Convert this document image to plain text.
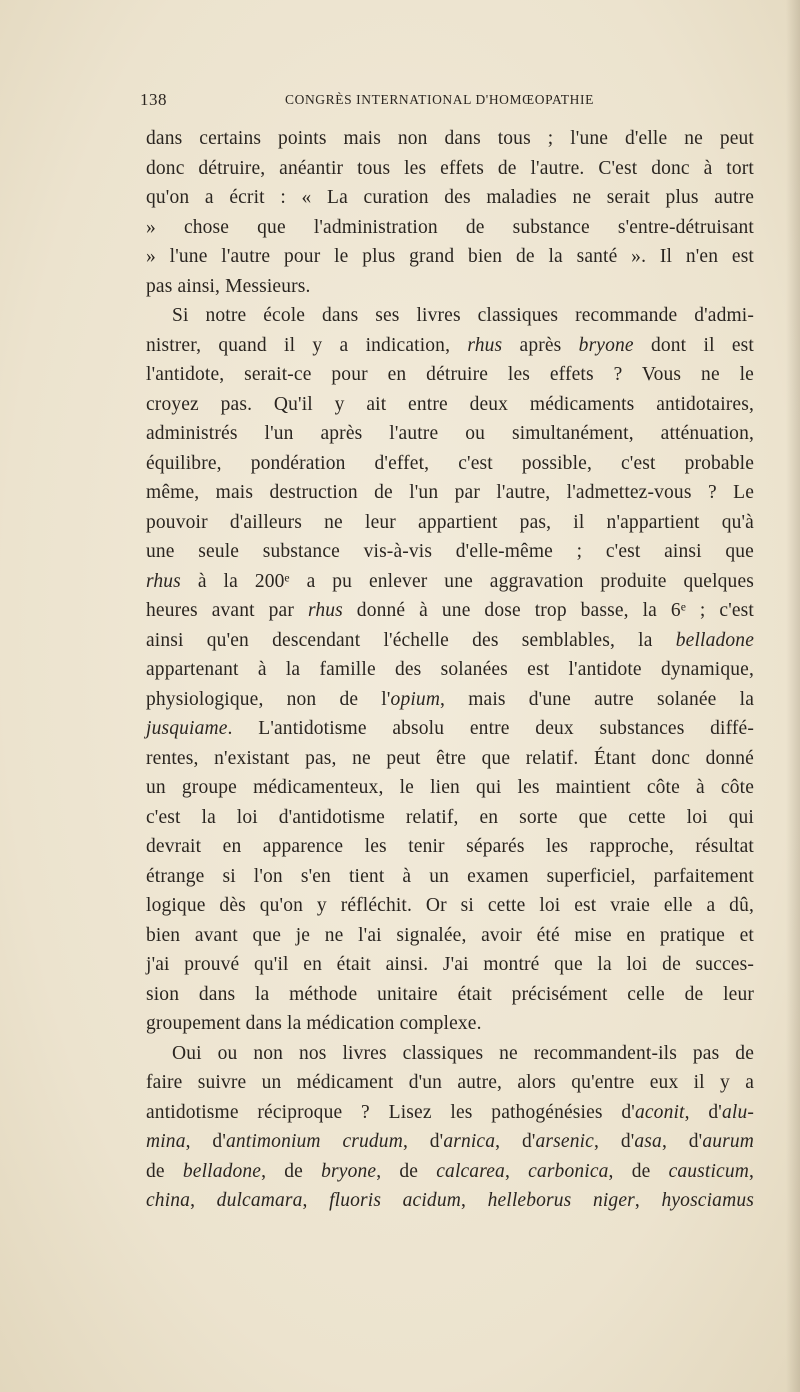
138	CONGRÈS INTERNATIONAL D'HOMŒOPATHIE
dans certains points mais non dans tous ; l'une d'elle ne peut
donc détruire, anéantir tous les effets de l'autre. C'est donc à tort
qu'on a écrit : « La curation des maladies ne serait plus autre
» chose que l'administration de substance s'entre-détruisant
» l'une l'autre pour le plus grand bien de la santé ». Il n'en est
pas ainsi, Messieurs.
Si notre école dans ses livres classiques recommande d'admi-
nistrer, quand il y a indication, rhus après bryone dont il est
l'antidote, serait-ce pour en détruire les effets ? Vous ne le
croyez pas. Qu'il y ait entre deux médicaments antidotaires,
administrés l'un après l'autre ou simultanément, atténuation,
équilibre, pondération d'effet, c'est possible, c'est probable
même, mais destruction de l'un par l'autre, l'admettez-vous ? Le
pouvoir d'ailleurs ne leur appartient pas, il n'appartient qu'à
une seule substance vis-à-vis d'elle-même ; c'est ainsi que
rhus à la 200ᵉ a pu enlever une aggravation produite quelques
heures avant par rhus donné à une dose trop basse, la 6ᵉ ; c'est
ainsi qu'en descendant l'échelle des semblables, la belladone
appartenant à la famille des solanées est l'antidote dynamique,
physiologique, non de l'opium, mais d'une autre solanée la
jusquiame. L'antidotisme absolu entre deux substances diffé-
rentes, n'existant pas, ne peut être que relatif. Étant donc donné
un groupe médicamenteux, le lien qui les maintient côte à côte
c'est la loi d'antidotisme relatif, en sorte que cette loi qui
devrait en apparence les tenir séparés les rapproche, résultat
étrange si l'on s'en tient à un examen superficiel, parfaitement
logique dès qu'on y réfléchit. Or si cette loi est vraie elle a dû,
bien avant que je ne l'ai signalée, avoir été mise en pratique et
j'ai prouvé qu'il en était ainsi. J'ai montré que la loi de succes-
sion dans la méthode unitaire était précisément celle de leur
groupement dans la médication complexe.
Oui ou non nos livres classiques ne recommandent-ils pas de
faire suivre un médicament d'un autre, alors qu'entre eux il y a
antidotisme réciproque ? Lisez les pathogénésies d'aconit, d'alu-
mina, d'antimonium crudum, d'arnica, d'arsenic, d'asa, d'aurum
de belladone, de bryone, de calcarea, carbonica, de causticum,
china, dulcamara, fluoris acidum, helleborus niger, hyosciamus
